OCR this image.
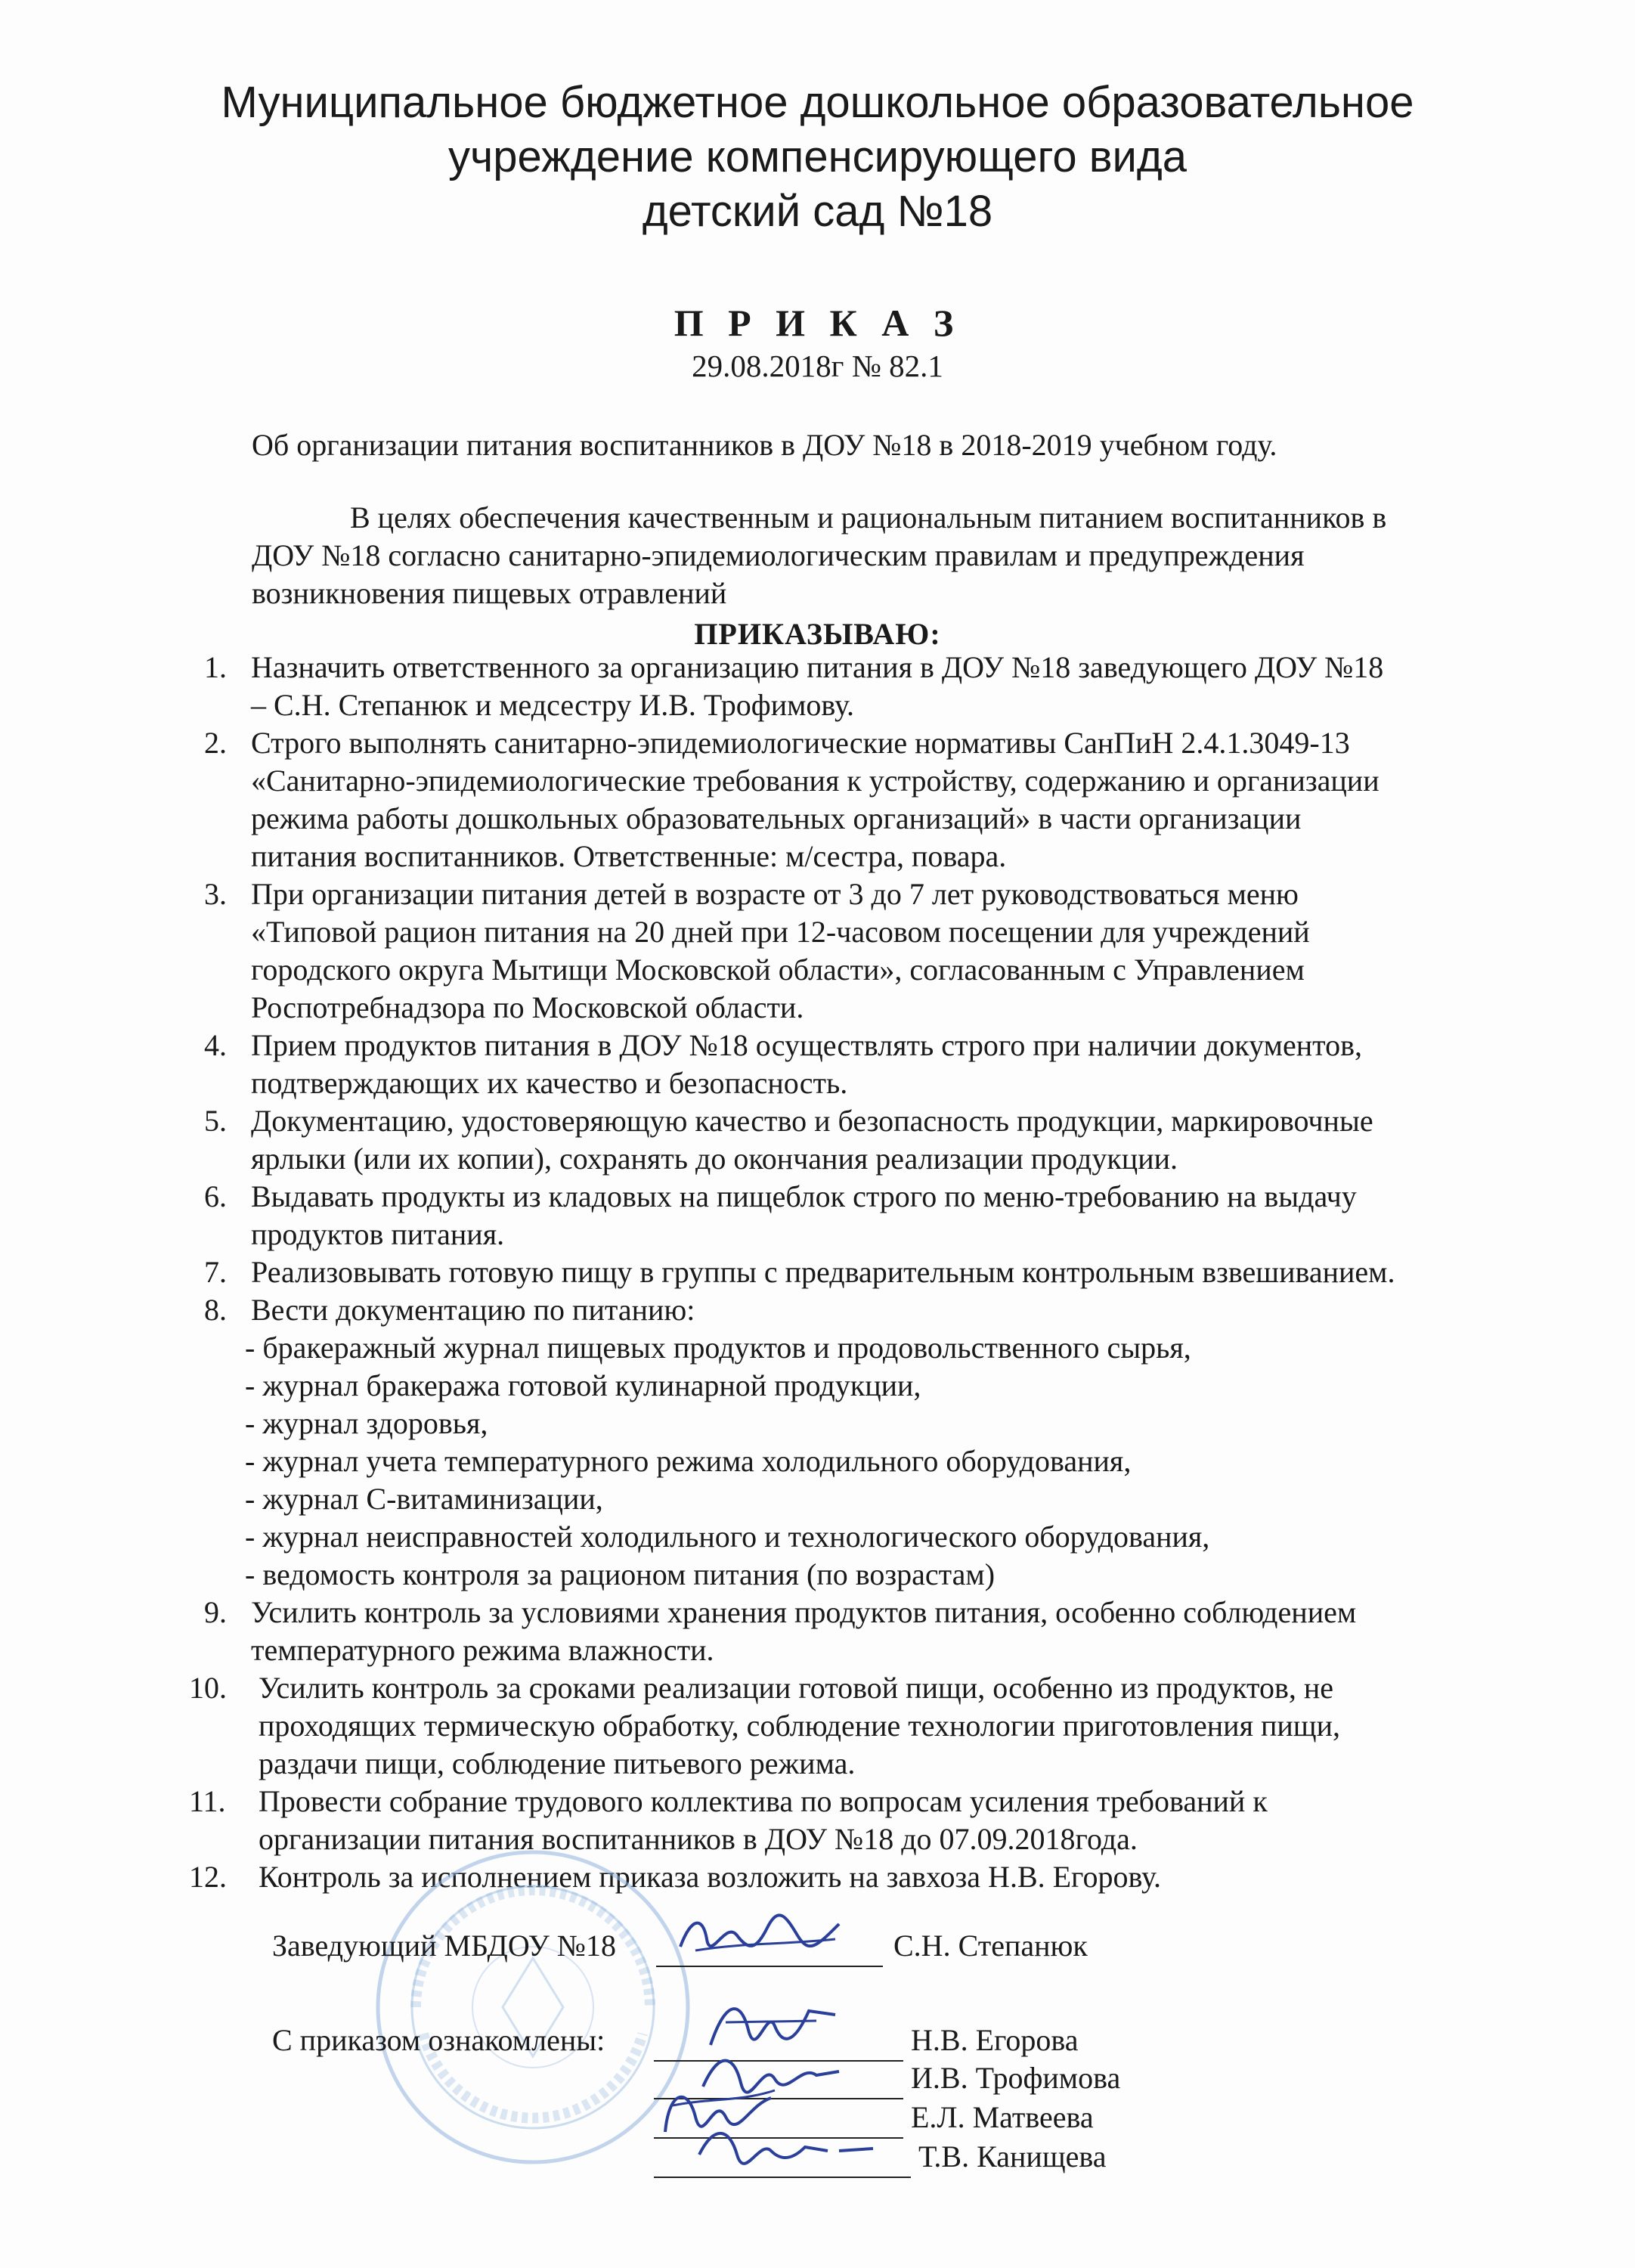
Муниципальное бюджетное дошкольное образовательное
учреждение компенсирующего вида
детский сад №18
П Р И К А З
29.08.2018г № 82.1
Об организации питания воспитанников в ДОУ №18 в 2018-2019 учебном году.
В целях обеспечения качественным и рациональным питанием воспитанников в
ДОУ №18 согласно санитарно-эпидемиологическим правилам и предупреждения
возникновения пищевых отравлений
ПРИКАЗЫВАЮ:
1. Назначить ответственного за организацию питания в ДОУ №18 заведующего ДОУ №18
– С.Н. Степанюк и медсестру И.В. Трофимову.
2. Строго выполнять санитарно-эпидемиологические нормативы СанПиН 2.4.1.3049-13
«Санитарно-эпидемиологические требования к устройству, содержанию и организации
режима работы дошкольных образовательных организаций» в части организации
питания воспитанников. Ответственные: м/сестра, повара.
3. При организации питания детей в возрасте от 3 до 7 лет руководствоваться меню
«Типовой рацион питания на 20 дней при 12-часовом посещении для учреждений
городского округа Мытищи Московской области», согласованным с Управлением
Роспотребнадзора по Московской области.
4. Прием продуктов питания в ДОУ №18 осуществлять строго при наличии документов,
подтверждающих их качество и безопасность.
5. Документацию, удостоверяющую качество и безопасность продукции, маркировочные
ярлыки (или их копии), сохранять до окончания реализации продукции.
6. Выдавать продукты из кладовых на пищеблок строго по меню-требованию на выдачу
продуктов питания.
7. Реализовывать готовую пищу в группы с предварительным контрольным взвешиванием.
8. Вести документацию по питанию:
- бракеражный журнал пищевых продуктов и продовольственного сырья,
- журнал бракеража готовой кулинарной продукции,
- журнал здоровья,
- журнал учета температурного режима холодильного оборудования,
- журнал С-витаминизации,
- журнал неисправностей холодильного и технологического оборудования,
- ведомость контроля за рационом питания (по возрастам)
9. Усилить контроль за условиями хранения продуктов питания, особенно соблюдением
температурного режима влажности.
10. Усилить контроль за сроками реализации готовой пищи, особенно из продуктов, не
проходящих термическую обработку, соблюдение технологии приготовления пищи,
раздачи пищи, соблюдение питьевого режима.
11. Провести собрание трудового коллектива по вопросам усиления требований к
организации питания воспитанников в ДОУ №18 до 07.09.2018года.
12. Контроль за исполнением приказа возложить на завхоза Н.В. Егорову.
Заведующий МБДОУ №18	С.Н. Степанюк
С приказом ознакомлены:	Н.В. Егорова
И.В. Трофимова
Е.Л. Матвеева
Т.В. Канищева
